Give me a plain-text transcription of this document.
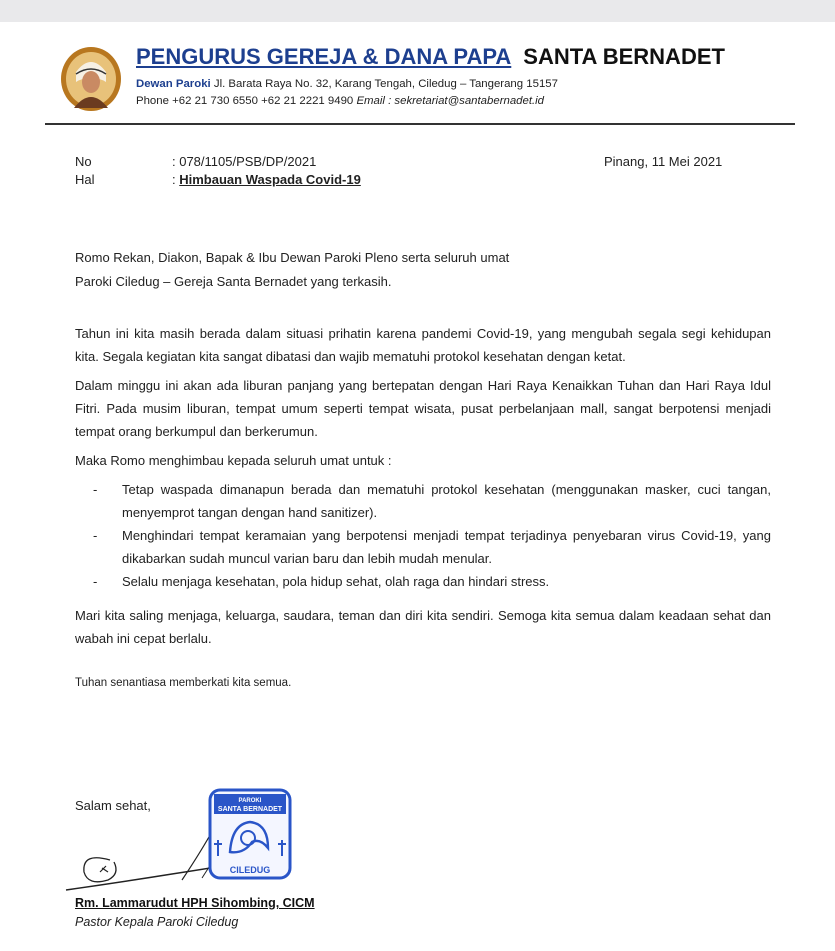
PENGURUS GEREJA & DANA PAPA SANTA BERNADET
Dewan Paroki Jl. Barata Raya No. 32, Karang Tengah, Ciledug – Tangerang 15157
Phone +62 21 730 6550 +62 21 2221 9490 Email : sekretariat@santabernadet.id
No	: 078/1105/PSB/DP/2021
Hal	: Himbauan Waspada Covid-19
Pinang, 11 Mei 2021
Romo Rekan, Diakon, Bapak & Ibu Dewan Paroki Pleno serta seluruh umat
Paroki Ciledug – Gereja Santa Bernadet yang terkasih.
Tahun ini kita masih berada dalam situasi prihatin karena pandemi Covid-19, yang mengubah segala segi kehidupan kita. Segala kegiatan kita sangat dibatasi dan wajib mematuhi protokol kesehatan dengan ketat.
Dalam minggu ini akan ada liburan panjang yang bertepatan dengan Hari Raya Kenaikkan Tuhan dan Hari Raya Idul Fitri. Pada musim liburan, tempat umum seperti tempat wisata, pusat perbelanjaan mall, sangat berpotensi menjadi tempat orang berkumpul dan berkerumun.
Maka Romo menghimbau kepada seluruh umat untuk :
- Tetap waspada dimanapun berada dan mematuhi protokol kesehatan (menggunakan masker, cuci tangan, menyemprot tangan dengan hand sanitizer).
- Menghindari tempat keramaian yang berpotensi menjadi tempat terjadinya penyebaran virus Covid-19, yang dikabarkan sudah muncul varian baru dan lebih mudah menular.
- Selalu menjaga kesehatan, pola hidup sehat, olah raga dan hindari stress.
Mari kita saling menjaga, keluarga, saudara, teman dan diri kita sendiri. Semoga kita semua dalam keadaan sehat dan wabah ini cepat berlalu.
Tuhan senantiasa memberkati kita semua.
Salam sehat,	PAROKI
SANTA BERNADET
CILEDUG
Rm. Lammarudut HPH Sihombing, CICM
Pastor Kepala Paroki Ciledug
